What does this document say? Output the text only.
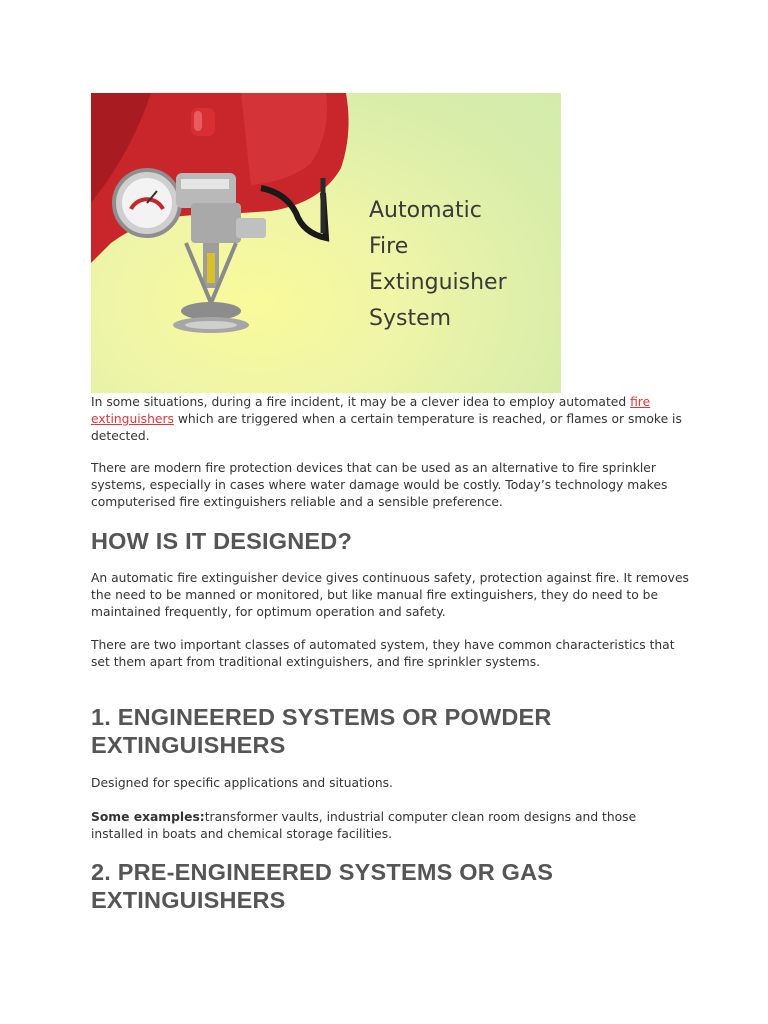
Automatic
Fire
Extinguisher
System

In some situations, during a fire incident, it may be a clever idea to employ automated fire extinguishers which are triggered when a certain temperature is reached, or flames or smoke is detected.

There are modern fire protection devices that can be used as an alternative to fire sprinkler systems, especially in cases where water damage would be costly. Today’s technology makes computerised fire extinguishers reliable and a sensible preference.

HOW IS IT DESIGNED?

An automatic fire extinguisher device gives continuous safety, protection against fire. It removes the need to be manned or monitored, but like manual fire extinguishers, they do need to be maintained frequently, for optimum operation and safety.

There are two important classes of automated system, they have common characteristics that set them apart from traditional extinguishers, and fire sprinkler systems.

1. ENGINEERED SYSTEMS OR POWDER EXTINGUISHERS

Designed for specific applications and situations.

Some examples:transformer vaults, industrial computer clean room designs and those installed in boats and chemical storage facilities.

2. PRE-ENGINEERED SYSTEMS OR GAS EXTINGUISHERS
